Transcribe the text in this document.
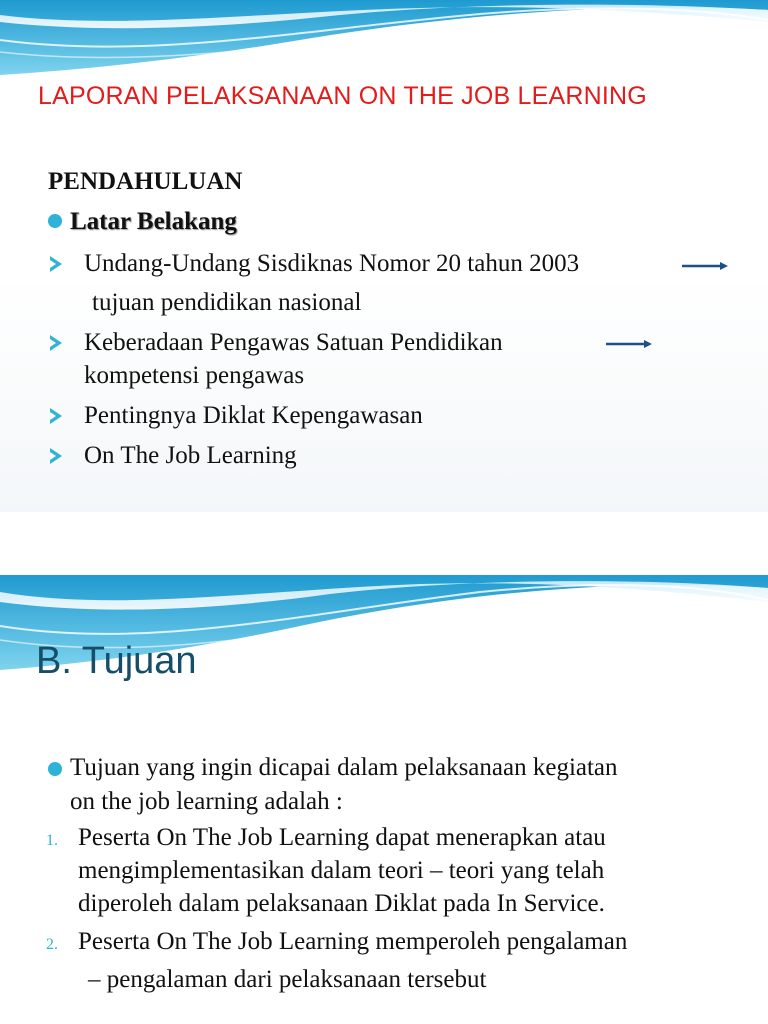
LAPORAN PELAKSANAAN ON THE JOB LEARNING
PENDAHULUAN
Latar Belakang
Undang-Undang Sisdiknas Nomor 20 tahun 2003
tujuan pendidikan nasional
Keberadaan Pengawas Satuan Pendidikan
kompetensi pengawas
Pentingnya Diklat Kepengawasan
On The Job Learning
B. Tujuan
Tujuan yang ingin dicapai dalam pelaksanaan kegiatan
on the job learning adalah :
1. Peserta On The Job Learning dapat menerapkan atau
mengimplementasikan dalam teori – teori yang telah
diperoleh dalam pelaksanaan Diklat pada In Service.
2. Peserta On The Job Learning memperoleh pengalaman
– pengalaman dari pelaksanaan tersebut
